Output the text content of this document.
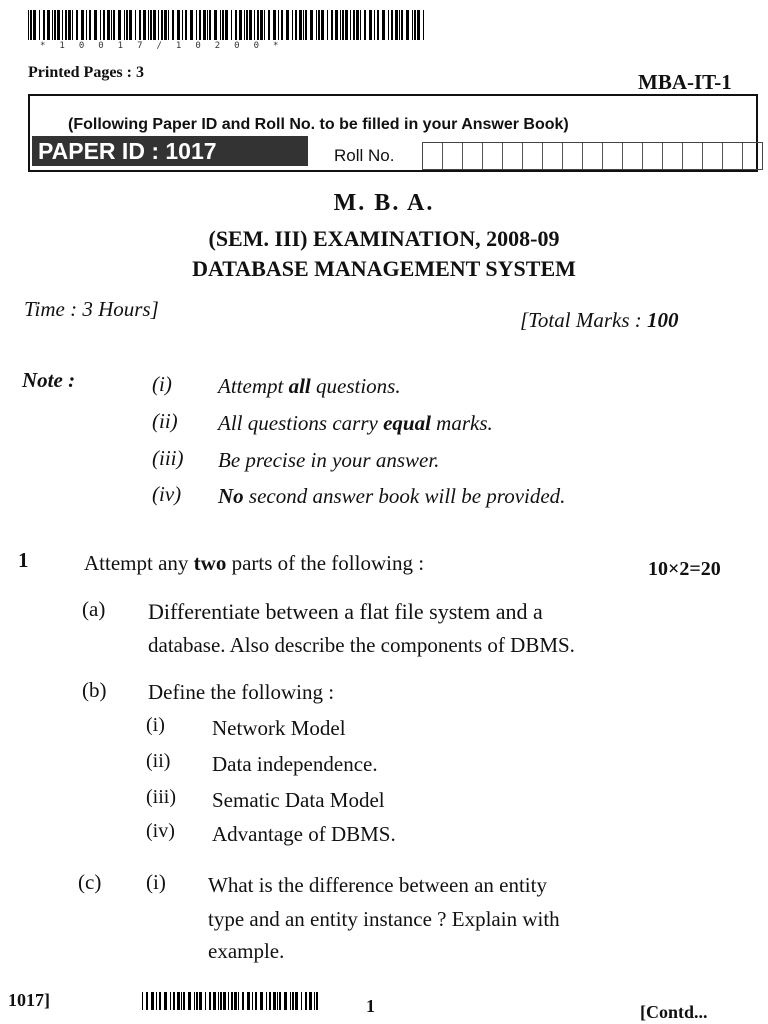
*10017/10200*
Printed Pages : 3	MBA-IT-1
(Following Paper ID and Roll No. to be filled in your Answer Book)
PAPER ID : 1017	Roll No.
M. B. A.
(SEM. III) EXAMINATION, 2008-09
DATABASE MANAGEMENT SYSTEM
Time : 3 Hours]	[Total Marks : 100
Note :	(i) Attempt all questions.
(ii) All questions carry equal marks.
(iii) Be precise in your answer.
(iv) No second answer book will be provided.
1	Attempt any two parts of the following :	10×2=20
(a) Differentiate between a flat file system and a
database. Also describe the components of DBMS.
(b) Define the following :
(i) Network Model
(ii) Data independence.
(iii) Sematic Data Model
(iv) Advantage of DBMS.
(c) (i) What is the difference between an entity
type and an entity instance ? Explain with
example.
1017]	1	[Contd...
